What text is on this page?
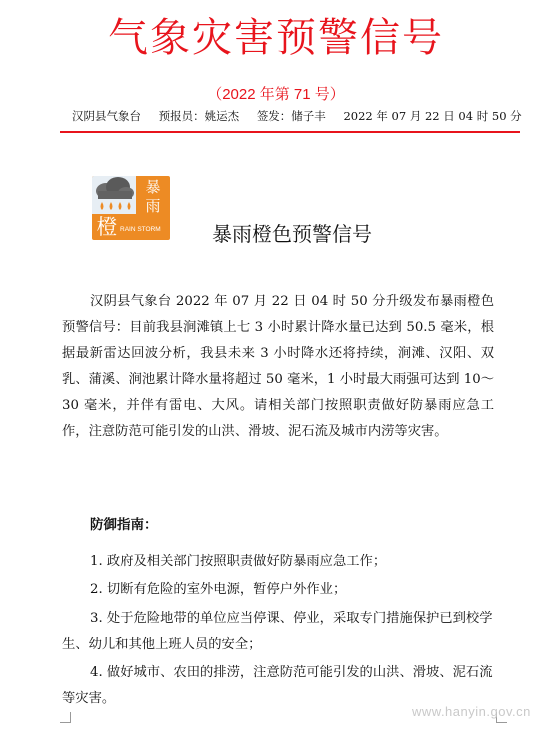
气象灾害预警信号
（2022 年第 71 号）
汉阴县气象台 预报员：姚运杰 签发：储子丰 2022 年 07 月 22 日 04 时 50 分
暴
雨
橙 RAIN STORM	暴雨橙色预警信号
汉阴县气象台 2022 年 07 月 22 日 04 时 50 分升级发布暴雨橙色预警信号：目前我县涧滩镇上七 3 小时累计降水量已达到 50.5 毫米，根据最新雷达回波分析，我县未来 3 小时降水还将持续，涧滩、汉阳、双乳、蒲溪、涧池累计降水量将超过 50 毫米，1 小时最大雨强可达到 10～30 毫米，并伴有雷电、大风。请相关部门按照职责做好防暴雨应急工作，注意防范可能引发的山洪、滑坡、泥石流及城市内涝等灾害。
防御指南：
1. 政府及相关部门按照职责做好防暴雨应急工作；
2. 切断有危险的室外电源，暂停户外作业；
3. 处于危险地带的单位应当停课、停业，采取专门措施保护已到校学生、幼儿和其他上班人员的安全；
4. 做好城市、农田的排涝，注意防范可能引发的山洪、滑坡、泥石流等灾害。
www.hanyin.gov.cn
